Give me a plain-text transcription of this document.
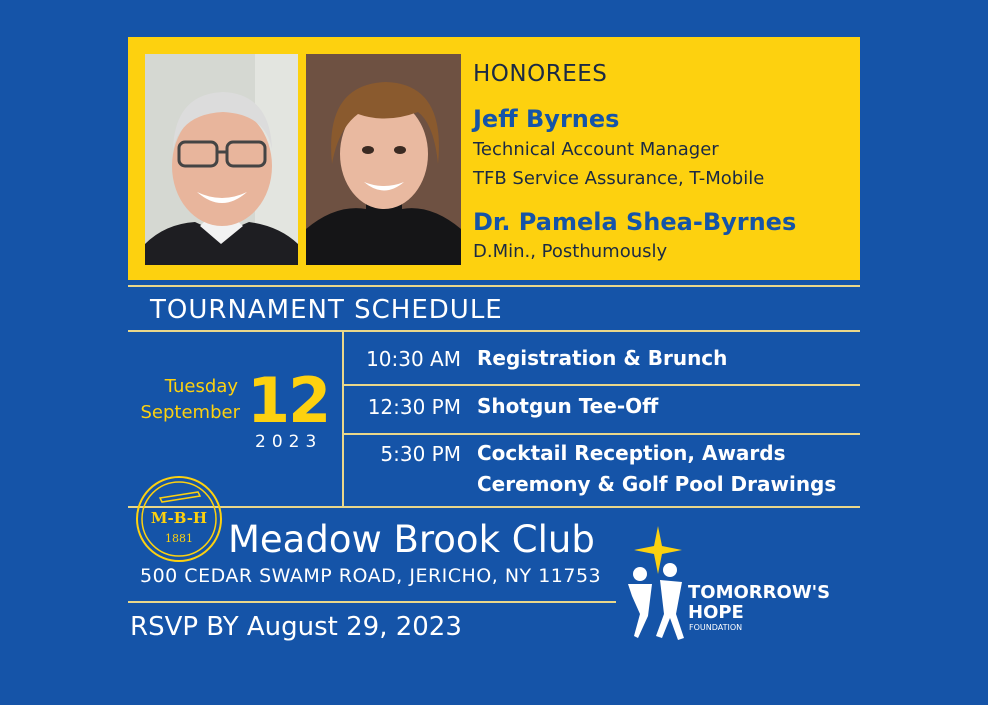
HONOREES
Jeff Byrnes
Technical Account Manager
TFB Service Assurance, T-Mobile
Dr. Pamela Shea-Byrnes
D.Min., Posthumously
TOURNAMENT SCHEDULE
Tuesday
September 12
2023
10:30 AM Registration & Brunch
12:30 PM Shotgun Tee-Off
5:30 PM Cocktail Reception, Awards
Ceremony & Golf Pool Drawings
M-B-H
1881 Meadow Brook Club
500 CEDAR SWAMP ROAD, JERICHO, NY 11753
RSVP BY August 29, 2023
TOMORROW'S
HOPE
FOUNDATION
